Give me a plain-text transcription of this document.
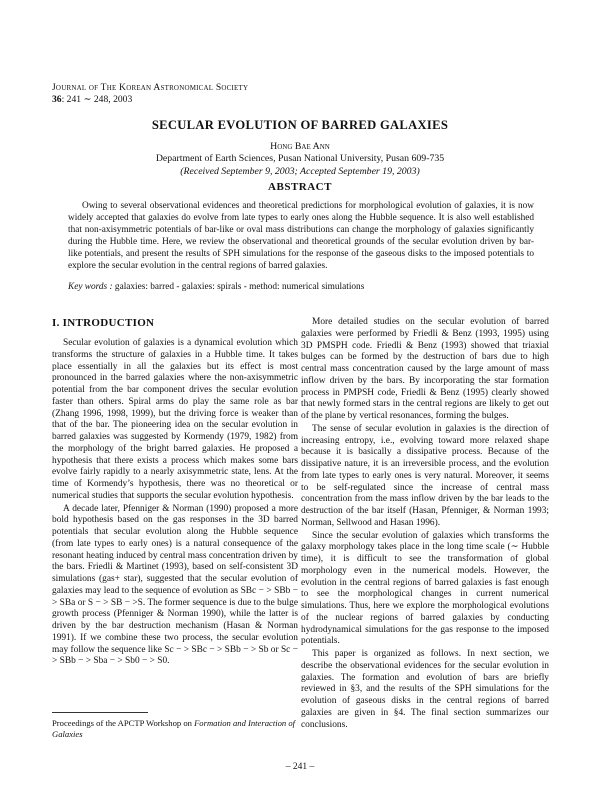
Journal of The Korean Astronomical Society
36: 241 ∼ 248, 2003
SECULAR EVOLUTION OF BARRED GALAXIES
Hong Bae Ann
Department of Earth Sciences, Pusan National University, Pusan 609-735
(Received September 9, 2003; Accepted September 19, 2003)
ABSTRACT

Owing to several observational evidences and theoretical predictions for morphological evolution of galaxies, it is now widely accepted that galaxies do evolve from late types to early ones along the Hubble sequence. It is also well established that non-axisymmetric potentials of bar-like or oval mass distributions can change the morphology of galaxies significantly during the Hubble time. Here, we review the observational and theoretical grounds of the secular evolution driven by bar-like potentials, and present the results of SPH simulations for the response of the gaseous disks to the imposed potentials to explore the secular evolution in the central regions of barred galaxies.

Key words : galaxies: barred - galaxies: spirals - method: numerical simulations

I. INTRODUCTION

Secular evolution of galaxies is a dynamical evolution which transforms the structure of galaxies in a Hubble time. It takes place essentially in all the galaxies but its effect is most pronounced in the barred galaxies where the non-axisymmetric potential from the bar component drives the secular evolution faster than others. Spiral arms do play the same role as bar (Zhang 1996, 1998, 1999), but the driving force is weaker than that of the bar. The pioneering idea on the secular evolution in barred galaxies was suggested by Kormendy (1979, 1982) from the morphology of the bright barred galaxies. He proposed a hypothesis that there exists a process which makes some bars evolve fairly rapidly to a nearly axisymmetric state, lens. At the time of Kormendy’s hypothesis, there was no theoretical or numerical studies that supports the secular evolution hypothesis.

A decade later, Pfenniger & Norman (1990) proposed a more bold hypothesis based on the gas responses in the 3D barred potentials that secular evolution along the Hubble sequence (from late types to early ones) is a natural consequence of the resonant heating induced by central mass concentration driven by the bars. Friedli & Martinet (1993), based on self-consistent 3D simulations (gas+ star), suggested that the secular evolution of galaxies may lead to the sequence of evolution as SBc − > SBb − > SBa or S − > SB − >S. The former sequence is due to the bulge growth process (Pfenniger & Norman 1990), while the latter is driven by the bar destruction mechanism (Hasan & Norman 1991). If we combine these two process, the secular evolution may follow the sequence like Sc − > SBc − > SBb − > Sb or Sc − > SBb − > Sba − > Sb0 − > S0.

More detailed studies on the secular evolution of barred galaxies were performed by Friedli & Benz (1993, 1995) using 3D PMSPH code. Friedli & Benz (1993) showed that triaxial bulges can be formed by the destruction of bars due to high central mass concentration caused by the large amount of mass inflow driven by the bars. By incorporating the star formation process in PMPSH code, Friedli & Benz (1995) clearly showed that newly formed stars in the central regions are likely to get out of the plane by vertical resonances, forming the bulges.

The sense of secular evolution in galaxies is the direction of increasing entropy, i.e., evolving toward more relaxed shape because it is basically a dissipative process. Because of the dissipative nature, it is an irreversible process, and the evolution from late types to early ones is very natural. Moreover, it seems to be self-regulated since the increase of central mass concentration from the mass inflow driven by the bar leads to the destruction of the bar itself (Hasan, Pfenniger, & Norman 1993; Norman, Sellwood and Hasan 1996).

Since the secular evolution of galaxies which transforms the galaxy morphology takes place in the long time scale (∼ Hubble time), it is difficult to see the transformation of global morphology even in the numerical models. However, the evolution in the central regions of barred galaxies is fast enough to see the morphological changes in current numerical simulations. Thus, here we explore the morphological evolutions of the nuclear regions of barred galaxies by conducting hydrodynamical simulations for the gas response to the imposed potentials.

This paper is organized as follows. In next section, we describe the observational evidences for the secular evolution in galaxies. The formation and evolution of bars are briefly reviewed in §3, and the results of the SPH simulations for the evolution of gaseous disks in the central regions of barred galaxies are given in §4. The final section summarizes our conclusions.

Proceedings of the APCTP Workshop on Formation and Interaction of Galaxies
– 241 –
